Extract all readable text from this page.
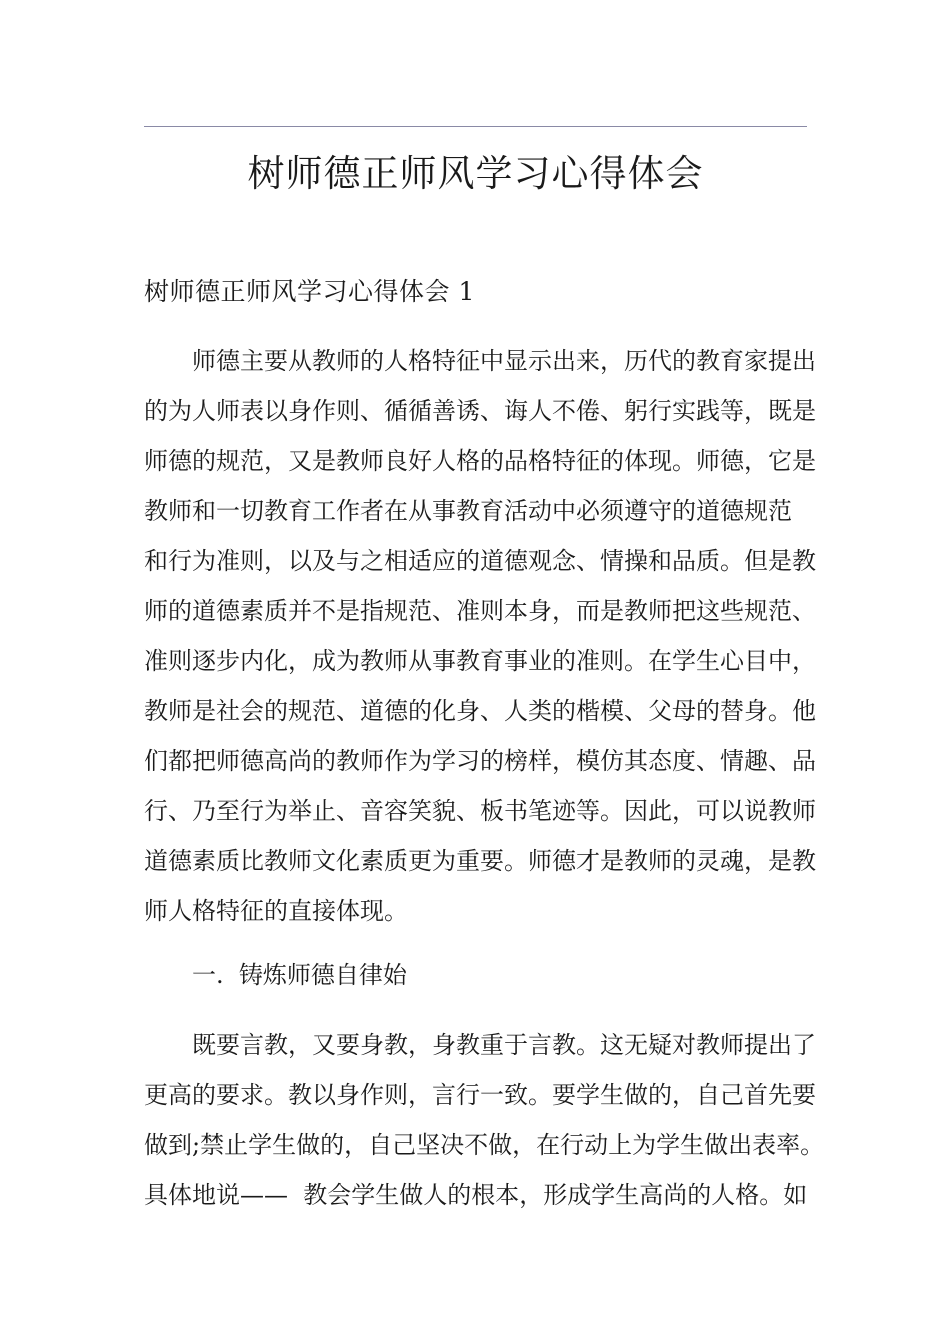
树师德正师风学习心得体会
树师德正师风学习心得体会 1

师德主要从教师的人格特征中显示出来，历代的教育家提出

的为人师表以身作则、循循善诱、诲人不倦、躬行实践等，既是

师德的规范，又是教师良好人格的品格特征的体现。师德，它是

教师和一切教育工作者在从事教育活动中必须遵守的道德规范

和行为准则，以及与之相适应的道德观念、情操和品质。但是教

师的道德素质并不是指规范、准则本身，而是教师把这些规范、

准则逐步内化，成为教师从事教育事业的准则。在学生心目中，

教师是社会的规范、道德的化身、人类的楷模、父母的替身。他

们都把师德高尚的教师作为学习的榜样，模仿其态度、情趣、品

行、乃至行为举止、音容笑貌、板书笔迹等。因此，可以说教师

道德素质比教师文化素质更为重要。师德才是教师的灵魂，是教

师人格特征的直接体现。

一.  铸炼师德自律始

既要言教，又要身教，身教重于言教。这无疑对教师提出了

更高的要求。教以身作则，言行一致。要学生做的，自己首先要

做到;禁止学生做的，自己坚决不做，在行动上为学生做出表率。

具体地说——  教会学生做人的根本，形成学生高尚的人格。如
